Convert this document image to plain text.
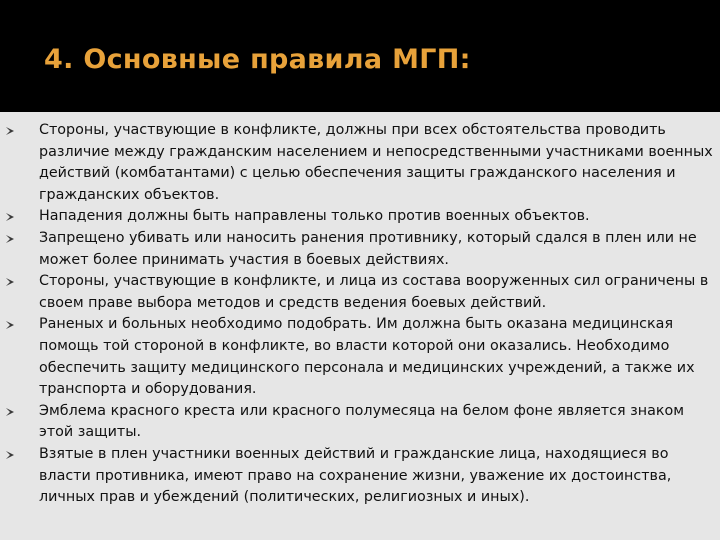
4. Основные правила МГП:
Стороны, участвующие в конфликте, должны при всех обстоятельства проводить различие между гражданским населением и непосредственными участниками военных действий (комбатантами) с целью обеспечения защиты гражданского населения и гражданских объектов.
Нападения должны быть направлены только против военных объектов.
Запрещено убивать или наносить ранения противнику, который сдался в плен или не может более принимать участия в боевых действиях.
Стороны, участвующие в конфликте, и лица из состава вооруженных сил ограничены в своем праве выбора методов и средств ведения боевых действий.
Раненых и больных необходимо подобрать. Им должна быть оказана медицинская помощь той стороной в конфликте, во власти которой они оказались. Необходимо обеспечить защиту медицинского персонала и медицинских учреждений, а также их транспорта и оборудования.
Эмблема красного креста или красного полумесяца на белом фоне является знаком этой защиты.
Взятые в плен участники военных действий и гражданские лица, находящиеся во власти противника, имеют право на сохранение жизни, уважение их достоинства, личных прав и убеждений (политических, религиозных и иных).
